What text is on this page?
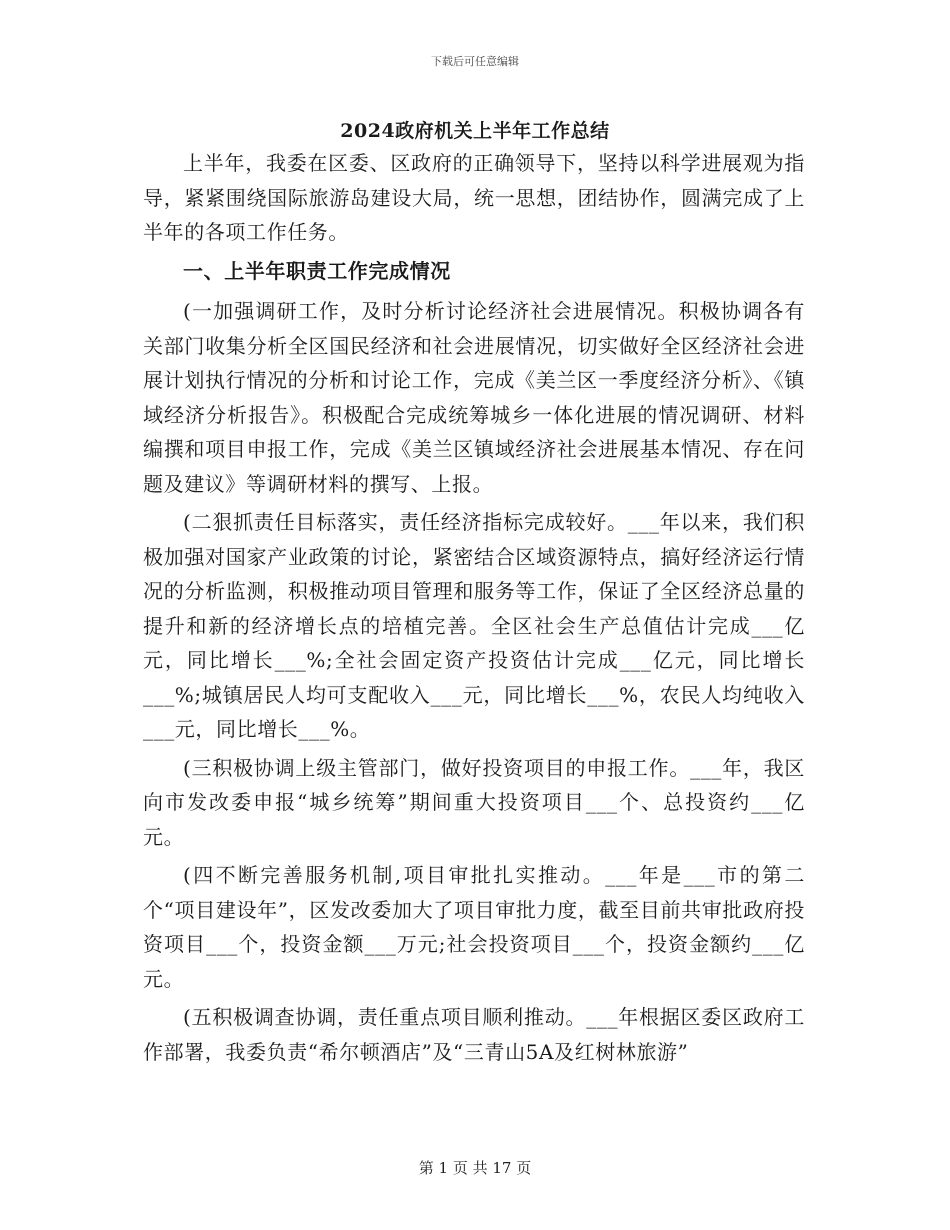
下载后可任意编辑
2024政府机关上半年工作总结

上半年，我委在区委、区政府的正确领导下，坚持以科学进展观为指导，紧紧围绕国际旅游岛建设大局，统一思想，团结协作，圆满完成了上半年的各项工作任务。

一、上半年职责工作完成情况

(一加强调研工作，及时分析讨论经济社会进展情况。积极协调各有关部门收集分析全区国民经济和社会进展情况，切实做好全区经济社会进展计划执行情况的分析和讨论工作，完成《美兰区一季度经济分析》、《镇域经济分析报告》。积极配合完成统筹城乡一体化进展的情况调研、材料编撰和项目申报工作，完成《美兰区镇域经济社会进展基本情况、存在问题及建议》等调研材料的撰写、上报。

(二狠抓责任目标落实，责任经济指标完成较好。___年以来，我们积极加强对国家产业政策的讨论，紧密结合区域资源特点，搞好经济运行情况的分析监测，积极推动项目管理和服务等工作，保证了全区经济总量的提升和新的经济增长点的培植完善。全区社会生产总值估计完成___亿元，同比增长___%;全社会固定资产投资估计完成___亿元，同比增长___%;城镇居民人均可支配收入___元，同比增长___%，农民人均纯收入___元，同比增长___%。

(三积极协调上级主管部门，做好投资项目的申报工作。___年，我区向市发改委申报“城乡统筹”期间重大投资项目___个、总投资约___亿元。

(四不断完善服务机制,项目审批扎实推动。___年是___市的第二个“项目建设年”，区发改委加大了项目审批力度，截至目前共审批政府投资项目___个，投资金额___万元;社会投资项目___个，投资金额约___亿元。

(五积极调查协调，责任重点项目顺利推动。___年根据区委区政府工作部署，我委负责“希尔顿酒店”及“三青山5A及红树林旅游”

第 1 页 共 17 页
